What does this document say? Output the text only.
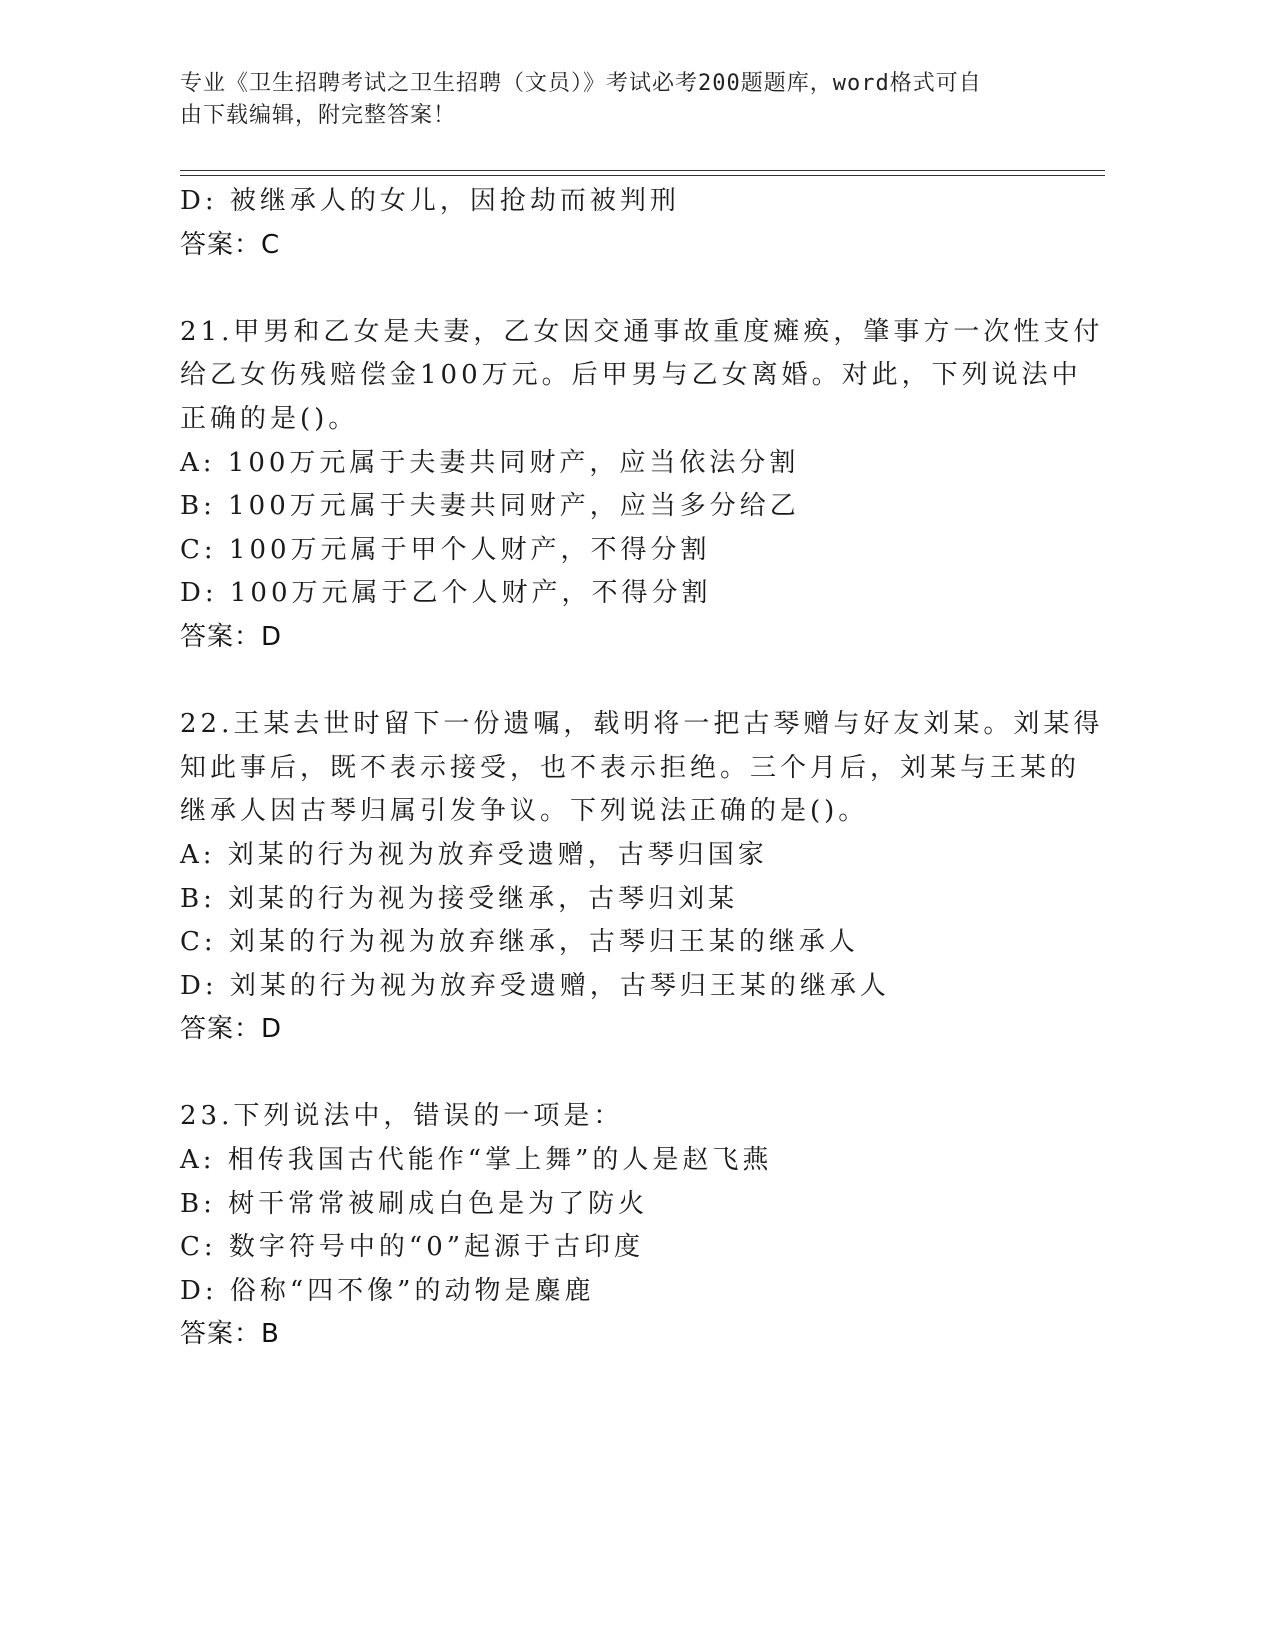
专业《卫生招聘考试之卫生招聘（文员）》考试必考200题题库，word格式可自
由下载编辑，附完整答案！
D: 被继承人的女儿，因抢劫而被判刑
答案：C
21.甲男和乙女是夫妻，乙女因交通事故重度瘫痪，肇事方一次性支付
给乙女伤残赔偿金100万元。后甲男与乙女离婚。对此，下列说法中
正确的是()。
A: 100万元属于夫妻共同财产，应当依法分割
B: 100万元属于夫妻共同财产，应当多分给乙
C: 100万元属于甲个人财产，不得分割
D: 100万元属于乙个人财产，不得分割
答案：D
22.王某去世时留下一份遗嘱，载明将一把古琴赠与好友刘某。刘某得
知此事后，既不表示接受，也不表示拒绝。三个月后，刘某与王某的
继承人因古琴归属引发争议。下列说法正确的是()。
A: 刘某的行为视为放弃受遗赠，古琴归国家
B: 刘某的行为视为接受继承，古琴归刘某
C: 刘某的行为视为放弃继承，古琴归王某的继承人
D: 刘某的行为视为放弃受遗赠，古琴归王某的继承人
答案：D
23.下列说法中，错误的一项是：
A: 相传我国古代能作“掌上舞”的人是赵飞燕
B: 树干常常被刷成白色是为了防火
C: 数字符号中的“0”起源于古印度
D: 俗称“四不像”的动物是麋鹿
答案：B
